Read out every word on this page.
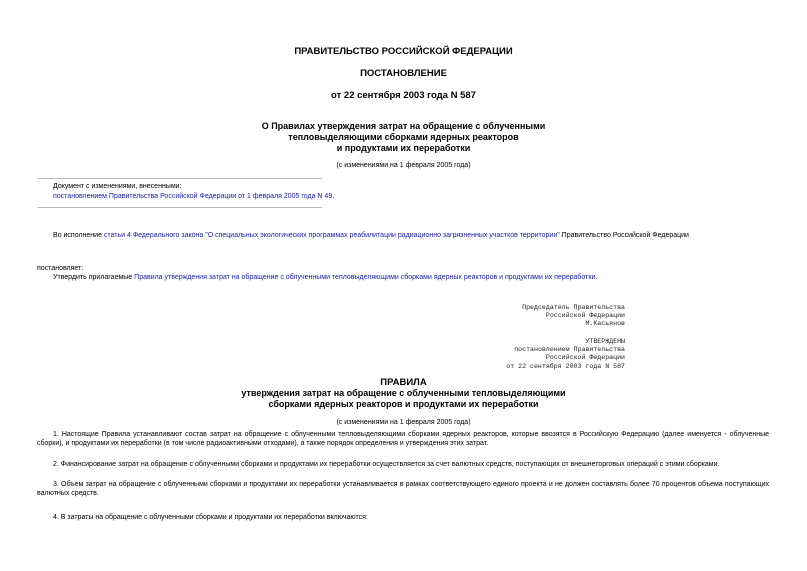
ПРАВИТЕЛЬСТВО РОССИЙСКОЙ ФЕДЕРАЦИИ
ПОСТАНОВЛЕНИЕ
от 22 сентября 2003 года N 587
О Правилах утверждения затрат на обращение с облученными
тепловыделяющими сборками ядерных реакторов
и продуктами их переработки
(с изменениями на 1 февраля 2005 года)
Документ с изменениями, внесенными:
постановлением Правительства Российской Федерации от 1 февраля 2005 года N 49.
Во исполнение статьи 4 Федерального закона "О специальных экологических программах реабилитации радиационно загрязненных участков территории" Правительство Российской Федерации
постановляет:
Утвердить прилагаемые Правила утверждения затрат на обращение с облученными тепловыделяющими сборками ядерных реакторов и продуктами их переработки.
Председатель Правительства
Российской Федерации
М.Касьянов
УТВЕРЖДЕНЫ
постановлением Правительства
Российской Федерации
от 22 сентября 2003 года N 587
ПРАВИЛА
утверждения затрат на обращение с облученными тепловыделяющими
сборками ядерных реакторов и продуктами их переработки
(с изменениями на 1 февраля 2005 года)
1. Настоящие Правила устанавливают состав затрат на обращение с облученными тепловыделяющими сборками ядерных реакторов, которые ввозятся в Российскую Федерацию (далее именуется - облученные сборки), и продуктами их переработки (в том числе радиоактивными отходами), а также порядок определения и утверждения этих затрат.
2. Финансирование затрат на обращение с облученными сборками и продуктами их переработки осуществляется за счет валютных средств, поступающих от внешнеторговых операций с этими сборками.
3. Объем затрат на обращение с облученными сборками и продуктами их переработки устанавливается в рамках соответствующего единого проекта и не должен составлять более 70 процентов объема поступающих валютных средств.
4. В затраты на обращение с облученными сборками и продуктами их переработки включаются:
